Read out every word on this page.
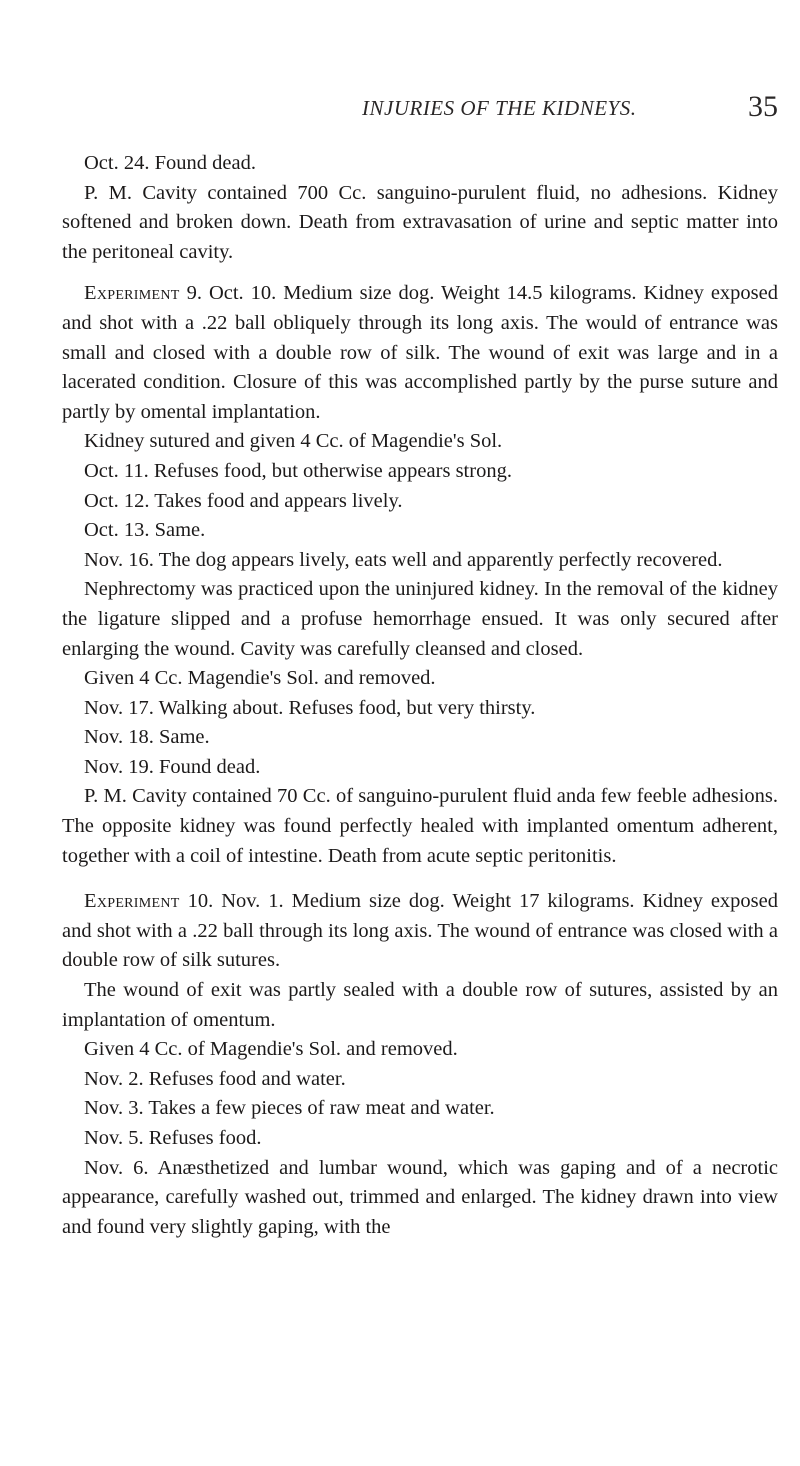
INJURIES OF THE KIDNEYS.	35

Oct. 24. Found dead.

P. M. Cavity contained 700 Cc. sanguino-purulent fluid, no adhesions. Kidney softened and broken down. Death from extravasation of urine and septic matter into the peritoneal cavity.

Experiment 9. Oct. 10. Medium size dog. Weight 14.5 kilograms. Kidney exposed and shot with a .22 ball obliquely through its long axis. The would of entrance was small and closed with a double row of silk. The wound of exit was large and in a lacerated condition. Closure of this was accomplished partly by the purse suture and partly by omental implantation.

Kidney sutured and given 4 Cc. of Magendie's Sol.

Oct. 11. Refuses food, but otherwise appears strong.

Oct. 12. Takes food and appears lively.

Oct. 13. Same.

Nov. 16. The dog appears lively, eats well and apparently perfectly recovered.

Nephrectomy was practiced upon the uninjured kidney. In the removal of the kidney the ligature slipped and a profuse hemorrhage ensued. It was only secured after enlarging the wound. Cavity was carefully cleansed and closed.

Given 4 Cc. Magendie's Sol. and removed.

Nov. 17. Walking about. Refuses food, but very thirsty.

Nov. 18. Same.

Nov. 19. Found dead.

P. M. Cavity contained 70 Cc. of sanguino-purulent fluid anda few feeble adhesions. The opposite kidney was found perfectly healed with implanted omentum adherent, together with a coil of intestine. Death from acute septic peritonitis.

Experiment 10. Nov. 1. Medium size dog. Weight 17 kilograms. Kidney exposed and shot with a .22 ball through its long axis. The wound of entrance was closed with a double row of silk sutures.

The wound of exit was partly sealed with a double row of sutures, assisted by an implantation of omentum.

Given 4 Cc. of Magendie's Sol. and removed.

Nov. 2. Refuses food and water.

Nov. 3. Takes a few pieces of raw meat and water.

Nov. 5. Refuses food.

Nov. 6. Anæsthetized and lumbar wound, which was gaping and of a necrotic appearance, carefully washed out, trimmed and enlarged. The kidney drawn into view and found very slightly gaping, with the
